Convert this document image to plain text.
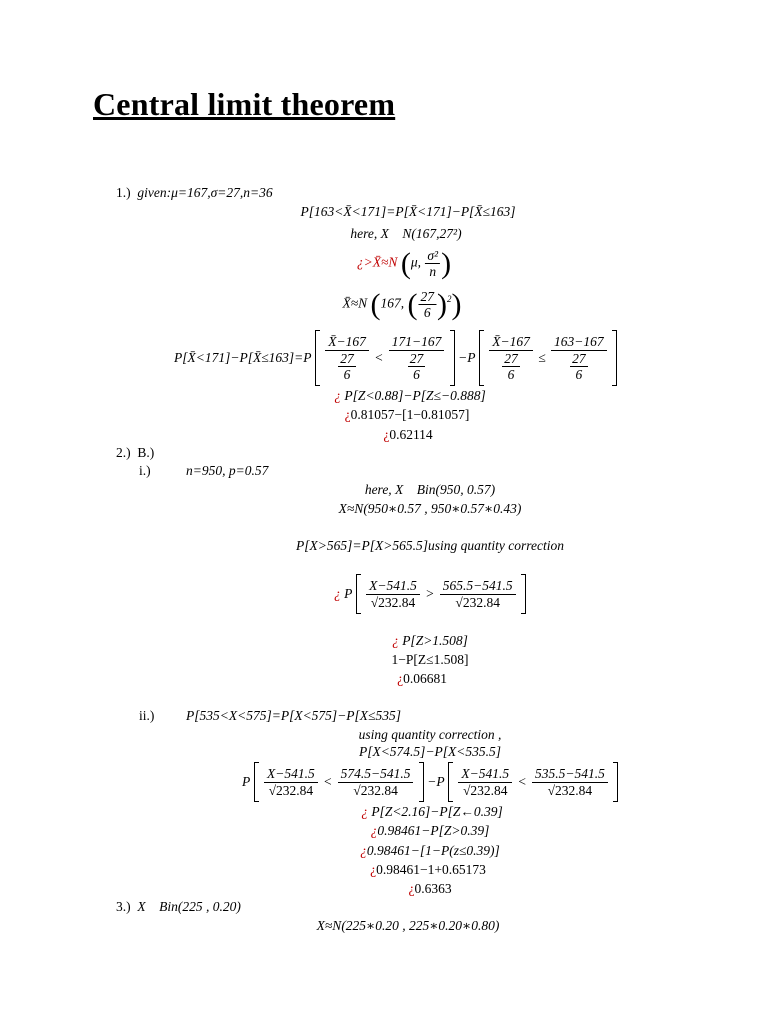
Central limit theorem
1.) given:μ=167,σ=27,n=36
P[163<X̄<171]=P[X̄<171]−P[X̄≤163]
here, X N(167,27²)
¿>X̄≈N (μ, $\frac{\text{σ²}}{n}$ )
X̄≈N (167, ( $\frac{27}{6} )^2$)
P[X̄<171]−P[X̄≤163]=P $\frac{X̄-167}{\frac{27}{6}} < \frac{171-167}{\frac{27}{6}} -P \frac{X̄-167}{\frac{27}{6}} \le \frac{163-167}{\frac{27}{6}}$

¿ P[Z<0.88]−P[Z≤−0.888]
¿0.81057−[1−0.81057]
¿0.62114
2.) B.)
i.)	n=950, p=0.57
here, X Bin(950, 0.57)
X≈N(950∗0.57 , 950∗0.57∗0.43)
P[X>565]=P[X>565.5]using quantity correction
¿ P $\frac{X-541.5}{√232.84} > \frac{565.5-541.5}{√232.84}$

¿ P[Z>1.508]
1−P[Z≤1.508]
¿0.06681
ii.) P[535<X<575]=P[X<575]−P[X≤535]
using quantity correction ,
P[X<574.5]−P[X<535.5]
P $\frac{X-541.5}{√232.84} < \frac{574.5-541.5}{√232.84} -P \frac{X-541.5}{√232.84} < \frac{535.5-541.5}{√232.84}$

¿ P[Z<2.16]−P[Z←0.39]
¿0.98461−P[Z>0.39]
¿0.98461−[1−P(z≤0.39)]
¿0.98461−1+0.65173
¿0.6363
3.) X Bin(225 , 0.20)
X≈N(225∗0.20 , 225∗0.20∗0.80)
